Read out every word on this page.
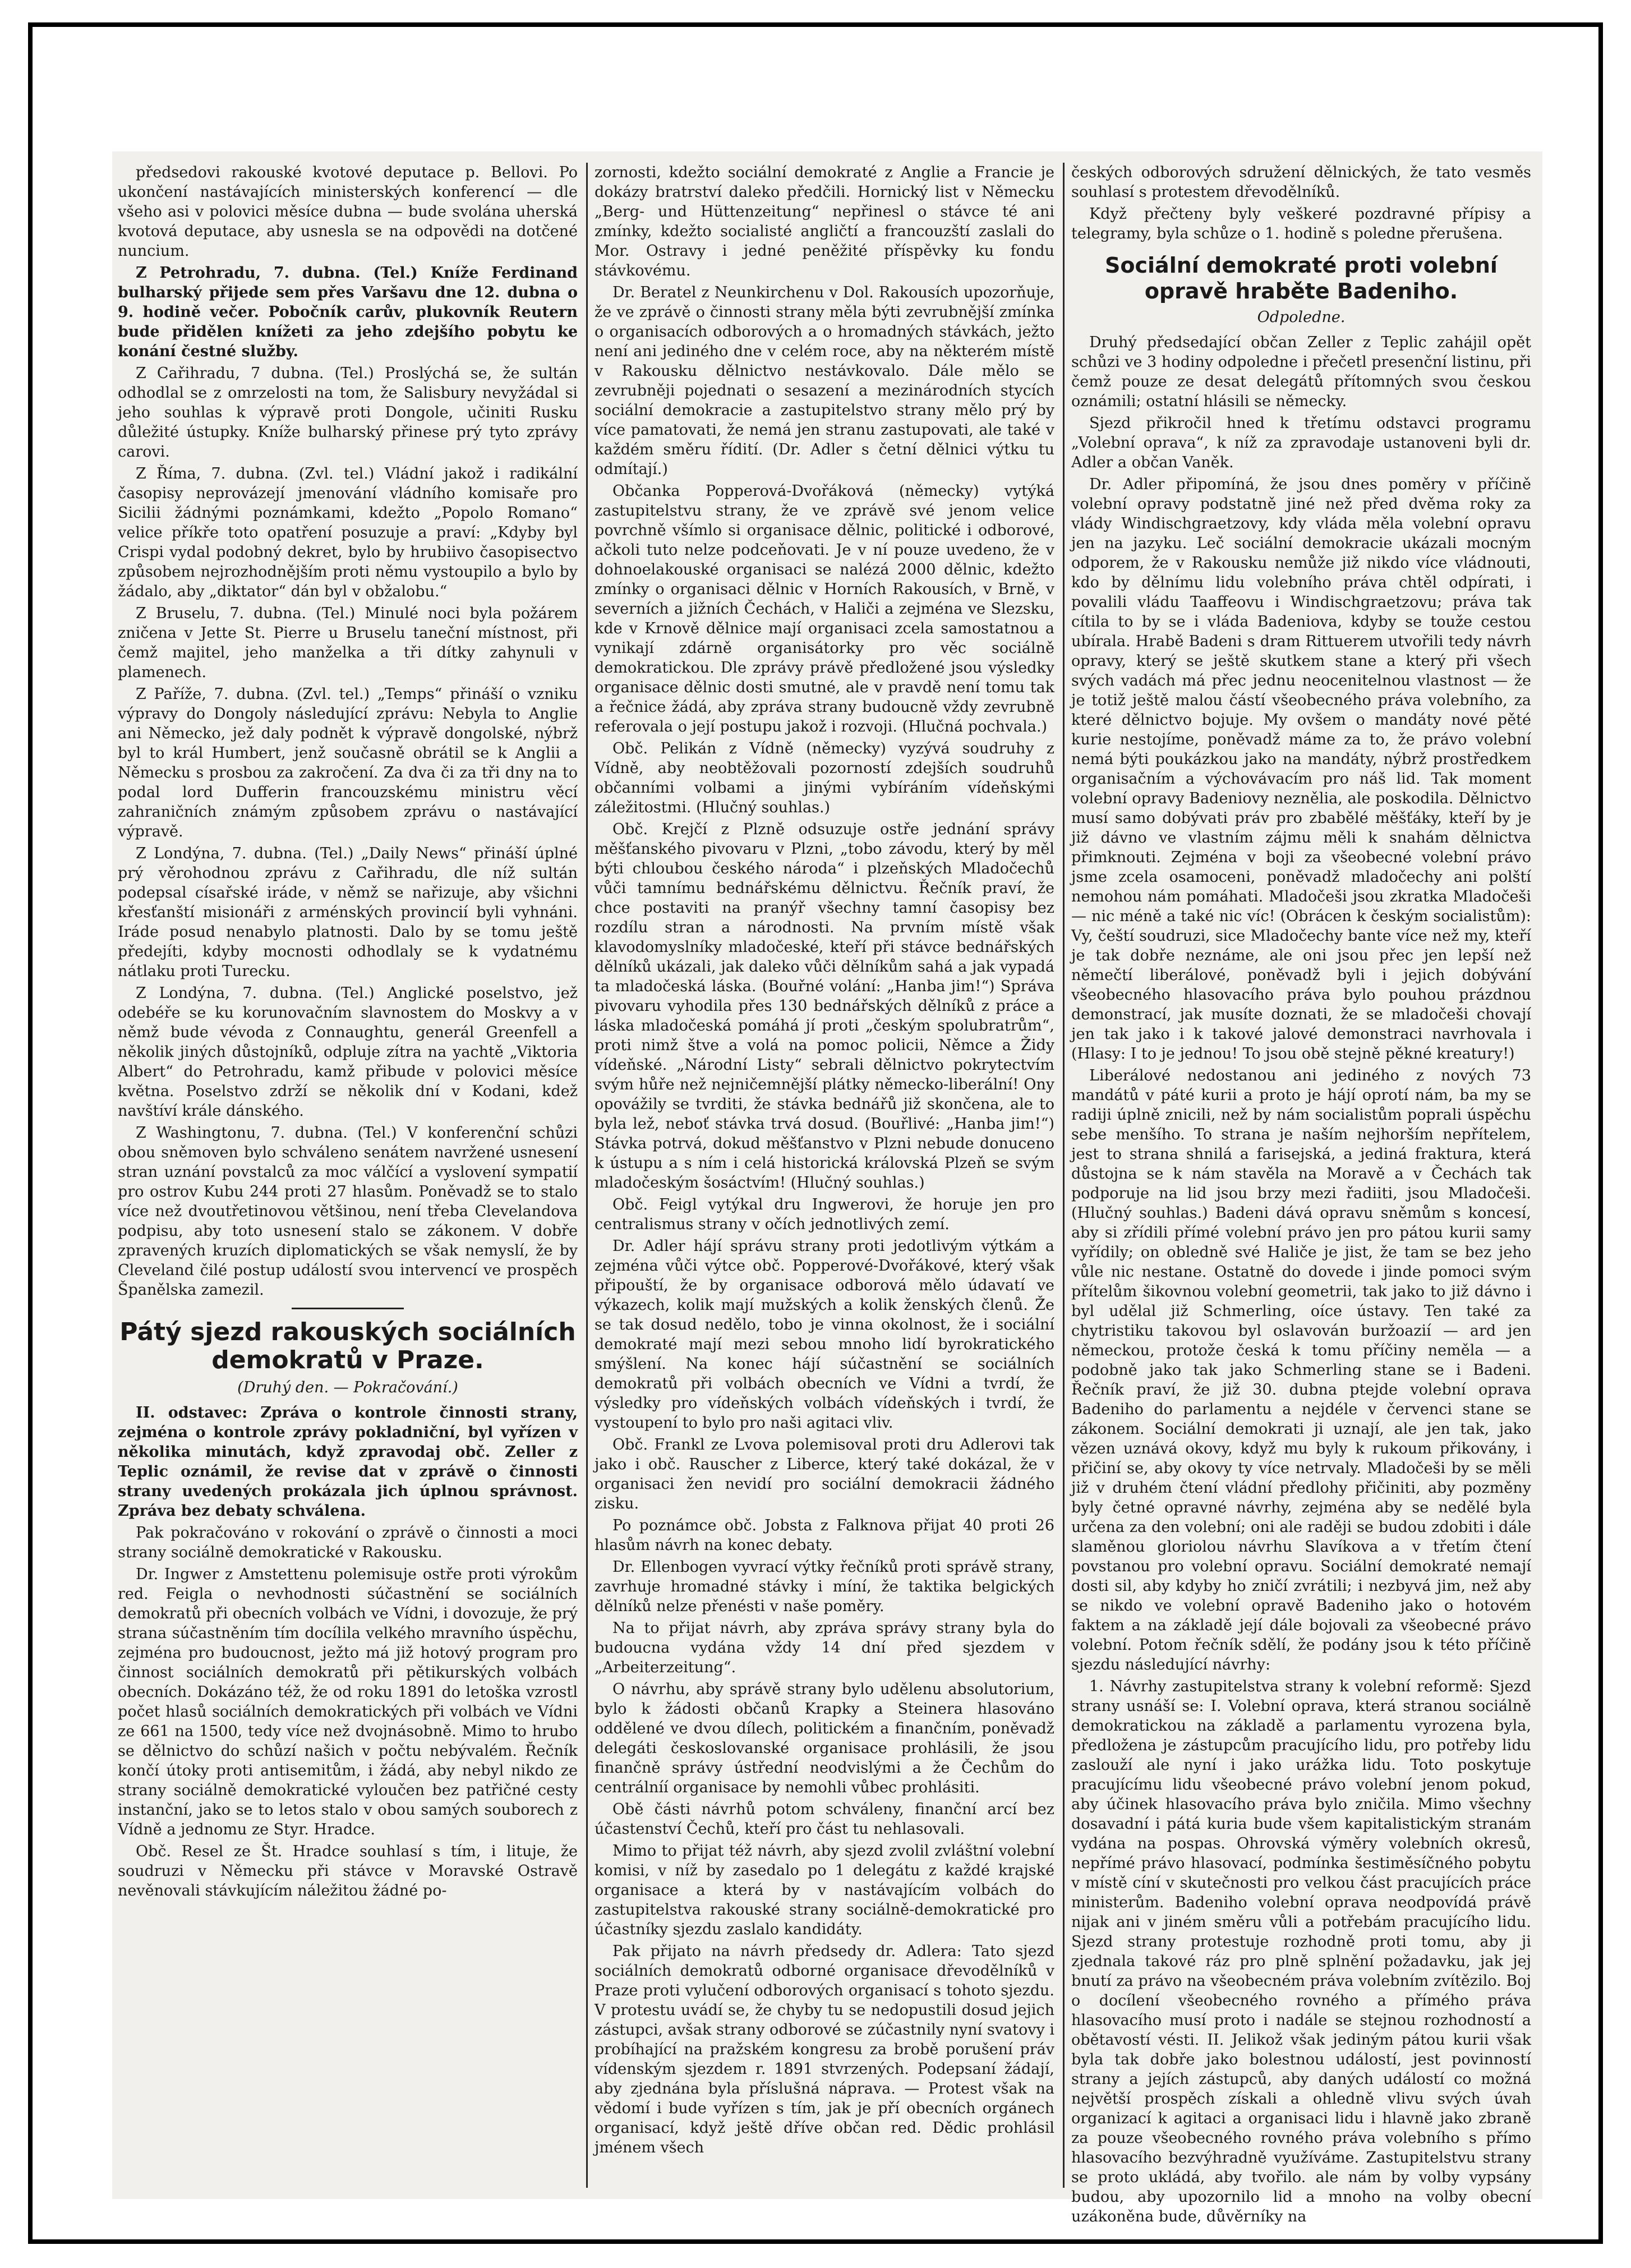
předsedovi rakouské kvotové deputace p. Bellovi. Po ukončení nastávajících ministerských konferencí — dle všeho asi v polovici měsíce dubna — bude svolána uherská kvotová deputace, aby usnesla se na odpovědi na dotčené nuncium.

Z Petrohradu, 7. dubna. (Tel.) Kníže Ferdinand bulharský přijede sem přes Varšavu dne 12. dubna o 9. hodině večer. Pobočník carův, plukovník Reutern bude přidělen knížeti za jeho zdejšího pobytu ke konání čestné služby.

Z Cařihradu, 7 dubna. (Tel.) Proslýchá se, že sultán odhodlal se z omrzelosti na tom, že Salisbury nevyžádal si jeho souhlas k výpravě proti Dongole, učiniti Rusku důležité ústupky. Kníže bulharský přinese prý tyto zprávy carovi.

Z Říma, 7. dubna. (Zvl. tel.) Vládní jakož i radikální časopisy neprovázejí jmenování vládního komisaře pro Sicilii žádnými poznámkami, kdežto „Popolo Romano“ velice příkře toto opatření posuzuje a praví: „Kdyby byl Crispi vydal podobný dekret, bylo by hrubiivo časopisectvo způsobem nejrozhodnějším proti němu vystoupilo a bylo by žádalo, aby „diktator“ dán byl v obžalobu.“

Z Bruselu, 7. dubna. (Tel.) Minulé noci byla požárem zničena v Jette St. Pierre u Bruselu taneční místnost, při čemž majitel, jeho manželka a tři dítky zahynuli v plamenech.

Z Paříže, 7. dubna. (Zvl. tel.) „Temps“ přináší o vzniku výpravy do Dongoly následující zprávu: Nebyla to Anglie ani Německo, jež daly podnět k výpravě dongolské, nýbrž byl to král Humbert, jenž současně obrátil se k Anglii a Německu s prosbou za zakročení. Za dva či za tři dny na to podal lord Dufferin francouzskému ministru věcí zahraničních známým způsobem zprávu o nastávající výpravě.

Z Londýna, 7. dubna. (Tel.) „Daily News“ přináší úplné prý věrohodnou zprávu z Cařihradu, dle níž sultán podepsal císařské iráde, v němž se nařizuje, aby všichni křesťanští misionáři z arménských provincií byli vyhnáni. Iráde posud nenabylo platnosti. Dalo by se tomu ještě předejíti, kdyby mocnosti odhodlaly se k vydatnému nátlaku proti Turecku.

Z Londýna, 7. dubna. (Tel.) Anglické poselstvo, jež odebéře se ku korunovačním slavnostem do Moskvy a v němž bude vévoda z Connaughtu, generál Greenfell a několik jiných důstojníků, odpluje zítra na yachtě „Viktoria Albert“ do Petrohradu, kamž přibude v polovici měsíce května. Poselstvo zdrží se několik dní v Kodani, kdež navštíví krále dánského.

Z Washingtonu, 7. dubna. (Tel.) V konferenční schůzi obou sněmoven bylo schváleno senátem navržené usnesení stran uznání povstalců za moc válčící a vyslovení sympatií pro ostrov Kubu 244 proti 27 hlasům. Poněvadž se to stalo více než dvoutřetinovou většinou, není třeba Clevelandova podpisu, aby toto usnesení stalo se zákonem. V dobře zpravených kruzích diplomatických se však nemyslí, že by Cleveland čilé postup událostí svou intervencí ve prospěch Španělska zamezil.

Pátý sjezd rakouských sociálních demokratů v Praze.

(Druhý den. — Pokračování.)

II. odstavec: Zpráva o kontrole činnosti strany, zejména o kontrole zprávy pokladniční, byl vyřízen v několika minutách, když zpravodaj obč. Zeller z Teplic oznámil, že revise dat v zprávě o činnosti strany uvedených prokázala jich úplnou správnost. Zpráva bez debaty schválena.

Pak pokračováno v rokování o zprávě o činnosti a moci strany sociálně demokratické v Rakousku.

Dr. Ingwer z Amstettenu polemisuje ostře proti výrokům red. Feigla o nevhodnosti súčastnění se sociálních demokratů při obecních volbách ve Vídni, i dovozuje, že prý strana súčastněním tím docílila velkého mravního úspěchu, zejména pro budoucnost, ježto má již hotový program pro činnost sociálních demokratů při pětikurských volbách obecních. Dokázáno též, že od roku 1891 do letoška vzrostl počet hlasů sociálních demokratických při volbách ve Vídni ze 661 na 1500, tedy více než dvojnásobně. Mimo to hrubo se dělnictvo do schůzí našich v počtu nebývalém. Řečník končí útoky proti antisemitům, i žádá, aby nebyl nikdo ze strany sociálně demokratické vyloučen bez patřičné cesty instanční, jako se to letos stalo v obou samých souborech z Vídně a jednomu ze Styr. Hradce.

Obč. Resel ze Št. Hradce souhlasí s tím, i lituje, že soudruzi v Německu při stávce v Moravské Ostravě nevěnovali stávkujícím náležitou žádné po-

zornosti, kdežto sociální demokraté z Anglie a Francie je dokázy bratrství daleko předčili. Hornický list v Německu „Berg- und Hüttenzeitung“ nepřinesl o stávce té ani zmínky, kdežto socialisté angličtí a francouzští zaslali do Mor. Ostravy i jedné peněžité příspěvky ku fondu stávkovému.

Dr. Beratel z Neunkirchenu v Dol. Rakousích upozorňuje, že ve zprávě o činnosti strany měla býti zevrubnější zmínka o organisacích odborových a o hromadných stávkách, ježto není ani jediného dne v celém roce, aby na některém místě v Rakousku dělnictvo nestávkovalo. Dále mělo se zevrubněji pojednati o sesazení a mezinárodních stycích sociální demokracie a zastupitelstvo strany mělo prý by více pamatovati, že nemá jen stranu zastupovati, ale také v každém směru řídití. (Dr. Adler s četní dělnici výtku tu odmítají.)

Občanka Popperová-Dvořáková (německy) vytýká zastupitelstvu strany, že ve zprávě své jenom velice povrchně všímlo si organisace dělnic, politické i odborové, ačkoli tuto nelze podceňovati. Je v ní pouze uvedeno, že v dohnoelakouské organisaci se nalézá 2000 dělnic, kdežto zmínky o organisaci dělnic v Horních Rakousích, v Brně, v severních a jižních Čechách, v Haliči a zejména ve Slezsku, kde v Krnově dělnice mají organisaci zcela samostatnou a vynikají zdárně organisátorky pro věc sociálně demokratickou. Dle zprávy právě předložené jsou výsledky organisace dělnic dosti smutné, ale v pravdě není tomu tak a řečnice žádá, aby zpráva strany budoucně vždy zevrubně referovala o její postupu jakož i rozvoji. (Hlučná pochvala.)

Obč. Pelikán z Vídně (německy) vyzývá soudruhy z Vídně, aby neobtěžovali pozorností zdejších soudruhů občanními volbami a jinými vybíráním vídeňskými záležitostmi. (Hlučný souhlas.)

Obč. Krejčí z Plzně odsuzuje ostře jednání správy měšťanského pivovaru v Plzni, „tobo závodu, který by měl býti chloubou českého národa“ i plzeňských Mladočechů vůči tamnímu bednářskému dělnictvu. Řečník praví, že chce postaviti na pranýř všechny tamní časopisy bez rozdílu stran a národnosti. Na prvním místě však klavodomyslníky mladočeské, kteří při stávce bednářských dělníků ukázali, jak daleko vůči dělníkům sahá a jak vypadá ta mladočeská láska. (Bouřné volání: „Hanba jim!“) Správa pivovaru vyhodila přes 130 bednářských dělníků z práce a láska mladočeská pomáhá jí proti „českým spolubratrům“, proti nimž štve a volá na pomoc policii, Němce a Židy vídeňské. „Národní Listy“ sebrali dělnictvo pokrytectvím svým hůře než nejničemnější plátky německo-liberální! Ony opovážily se tvrditi, že stávka bednářů již skončena, ale to byla lež, neboť stávka trvá dosud. (Bouřlivé: „Hanba jim!“) Stávka potrvá, dokud měšťanstvo v Plzni nebude donuceno k ústupu a s ním i celá historická královská Plzeň se svým mladočeským šosáctvím! (Hlučný souhlas.)

Obč. Feigl vytýkal dru Ingwerovi, že horuje jen pro centralismus strany v očích jednotlivých zemí.

Dr. Adler hájí správu strany proti jedotlivým výtkám a zejména vůči výtce obč. Popperové-Dvořákové, který však připouští, že by organisace odborová mělo údavatí ve výkazech, kolik mají mužských a kolik ženských členů. Že se tak dosud nedělo, tobo je vinna okolnost, že i sociální demokraté mají mezi sebou mnoho lidí byrokratického smýšlení. Na konec hájí súčastnění se sociálních demokratů při volbách obecních ve Vídni a tvrdí, že výsledky pro vídeňských volbách vídeňských i tvrdí, že vystoupení to bylo pro naši agitaci vliv.

Obč. Frankl ze Lvova polemisoval proti dru Adlerovi tak jako i obč. Rauscher z Liberce, který také dokázal, že v organisaci žen nevidí pro sociální demokracii žádného zisku.

Po poznámce obč. Jobsta z Falknova přijat 40 proti 26 hlasům návrh na konec debaty.

Dr. Ellenbogen vyvrací výtky řečníků proti správě strany, zavrhuje hromadné stávky i míní, že taktika belgických dělníků nelze přenésti v naše poměry.

Na to přijat návrh, aby zpráva správy strany byla do budoucna vydána vždy 14 dní před sjezdem v „Arbeiterzeitung“.

O návrhu, aby správě strany bylo udělenu absolutorium, bylo k žádosti občanů Krapky a Steinera hlasováno oddělené ve dvou dílech, politickém a finančním, poněvadž delegáti českoslovanské organisace prohlásili, že jsou finančně správy ústřední neodvislými a že Čechům do centrálníí organisace by nemohli vůbec prohlásiti.

Obě části návrhů potom schváleny, finanční arcí bez účastenství Čechů, kteří pro část tu nehlasovali.

Mimo to přijat též návrh, aby sjezd zvolil zvláštní volební komisi, v níž by zasedalo po 1 delegátu z každé krajské organisace a která by v nastávajícím volbách do zastupitelstva rakouské strany sociálně-demokratické pro účastníky sjezdu zaslalo kandidáty.

Pak přijato na návrh předsedy dr. Adlera: Tato sjezd sociálních demokratů odborné organisace dřevodělníků v Praze proti vylučení odborových organisací s tohoto sjezdu. V protestu uvádí se, že chyby tu se nedopustili dosud jejich zástupci, avšak strany odborové se zúčastnily nyní svatovy i probíhající na pražském kongresu za brobě porušení práv vídenským sjezdem r. 1891 stvrzených. Podepsaní žádají, aby zjednána byla příslušná náprava. — Protest však na vědomí i bude vyřízen s tím, jak je pří obecních orgánech organisací, když ještě dříve občan red. Dědic prohlásil jménem všech

českých odborových sdružení dělnických, že tato vesměs souhlasí s protestem dřevodělníků.

Když přečteny byly veškeré pozdravné přípisy a telegramy, byla schůze o 1. hodině s poledne přerušena.

Sociální demokraté proti volební opravě hraběte Badeniho.

Odpoledne.

Druhý předsedající občan Zeller z Teplic zahájil opět schůzi ve 3 hodiny odpoledne i přečetl presenční listinu, při čemž pouze ze desat delegátů přítomných svou českou oznámili; ostatní hlásili se německy.

Sjezd přikročil hned k třetímu odstavci programu „Volební oprava“, k níž za zpravodaje ustanoveni byli dr. Adler a občan Vaněk.

Dr. Adler připomíná, že jsou dnes poměry v příčině volební opravy podstatně jiné než před dvěma roky za vlády Windischgraetzovy, kdy vláda měla volební opravu jen na jazyku. Leč sociální demokracie ukázali mocným odporem, že v Rakousku nemůže již nikdo více vládnouti, kdo by dělnímu lidu volebního práva chtěl odpírati, i povalili vládu Taaffeovu i Windischgraetzovu; práva tak cítila to by se i vláda Badeniova, kdyby se touže cestou ubírala. Hrabě Badeni s dram Rittuerem utvořili tedy návrh opravy, který se ještě skutkem stane a který při všech svých vadách má přec jednu neocenitelnou vlastnost — že je totiž ještě malou částí všeobecného práva volebního, za které dělnictvo bojuje. My ovšem o mandáty nové pěté kurie nestojíme, poněvadž máme za to, že právo volební nemá býti poukázkou jako na mandáty, nýbrž prostředkem organisačním a výchovávacím pro náš lid. Tak moment volební opravy Badeniovy neznělia, ale poskodila. Dělnictvo musí samo dobývati práv pro zbabělé měšťáky, kteří by je již dávno ve vlastním zájmu měli k snahám dělnictva přimknouti. Zejména v boji za všeobecné volební právo jsme zcela osamoceni, poněvadž mladočechy ani polští nemohou nám pomáhati. Mladočeši jsou zkratka Mladočeši — nic méně a také nic víc! (Obrácen k českým socialistům): Vy, čeští soudruzi, sice Mladočechy bante více než my, kteří je tak dobře neznáme, ale oni jsou přec jen lepší než němečtí liberálové, poněvadž byli i jejich dobývání všeobecného hlasovacího práva bylo pouhou prázdnou demonstrací, jak musíte doznati, že se mladočeši chovají jen tak jako i k takové jalové demonstraci navrhovala i (Hlasy: I to je jednou! To jsou obě stejně pěkné kreatury!)

Liberálové nedostanou ani jediného z nových 73 mandátů v páté kurii a proto je hájí oprotí nám, ba my se radiji úplně znicili, než by nám socialistům poprali úspěchu sebe menšího. To strana je naším nejhorším nepřítelem, jest to strana shnilá a farisejská, a jediná fraktura, která důstojna se k nám stavěla na Moravě a v Čechách tak podporuje na lid jsou brzy mezi řadiiti, jsou Mladočeši. (Hlučný souhlas.) Badeni dává opravu sněmům s koncesí, aby si zřídili přímé volební právo jen pro pátou kurii samy vyřídily; on obledně své Haliče je jist, že tam se bez jeho vůle nic nestane. Ostatně do dovede i jinde pomoci svým přítelům šikovnou volební geometrii, tak jako to již dávno i byl udělal již Schmerling, oíce ústavy. Ten také za chytristiku takovou byl oslavován buržoazií — ard jen německou, protože česká k tomu příčiny neměla — a podobně jako tak jako Schmerling stane se i Badeni. Řečník praví, že již 30. dubna ptejde volební oprava Badeniho do parlamentu a nejdéle v červenci stane se zákonem. Sociální demokrati ji uznají, ale jen tak, jako vězen uznává okovy, když mu byly k rukoum přikovány, i přičiní se, aby okovy ty více netrvaly. Mladočeši by se měli již v druhém čtení vládní předlohy přičiniti, aby pozměny byly četné opravné návrhy, zejména aby se nedělé byla určena za den volební; oni ale raději se budou zdobiti i dále slaměnou gloriolou návrhu Slavíkova a v třetím čtení povstanou pro volební opravu. Sociální demokraté nemají dosti sil, aby kdyby ho zničí zvrátili; i nezbyvá jim, než aby se nikdo ve volební opravě Badeniho jako o hotovém faktem a na základě její dále bojovali za všeobecné právo volební. Potom řečník sdělí, že podány jsou k této příčině sjezdu následující návrhy:

1. Návrhy zastupitelstva strany k volební reformě: Sjezd strany usnáší se: I. Volební oprava, která stranou sociálně demokratickou na základě a parlamentu vyrozena byla, předložena je zástupcům pracujícího lidu, pro potřeby lidu zaslouží ale nyní i jako urážka lidu. Toto poskytuje pracujícímu lidu všeobecné právo volební jenom pokud, aby účinek hlasovacího práva bylo zničila. Mimo všechny dosavadní i pátá kuria bude všem kapitalistickým stranám vydána na pospas. Ohrovská výměry volebních okresů, nepřímé právo hlasovací, podmínka šestiměsíčného pobytu v místě cíní v skutečnosti pro velkou část pracujících práce ministerům. Badeniho volební oprava neodpovídá právě nijak ani v jiném směru vůli a potřebám pracujícího lidu. Sjezd strany protestuje rozhodně proti tomu, aby ji zjednala takové ráz pro plně splnění požadavku, jak jej bnutí za právo na všeobecném práva volebním zvítězilo. Boj o docílení všeobecného rovného a přímého práva hlasovacího musí proto i nadále se stejnou rozhodností a obětavostí vésti. II. Jelikož však jediným pátou kurii však byla tak dobře jako bolestnou událostí, jest povinností strany a jejích zástupců, aby daných událostí co možná největší prospěch získali a ohledně vlivu svých úvah organizací k agitaci a organisaci lidu i hlavně jako zbraně za pouze všeobecného rovného práva volebního s přímo hlasovacího bezvýhradně využíváme. Zastupitelstvu strany se proto ukládá, aby tvořilo. ale nám by volby vypsány budou, aby upozornilo lid a mnoho na volby obecní uzákoněna bude, důvěrníky na
